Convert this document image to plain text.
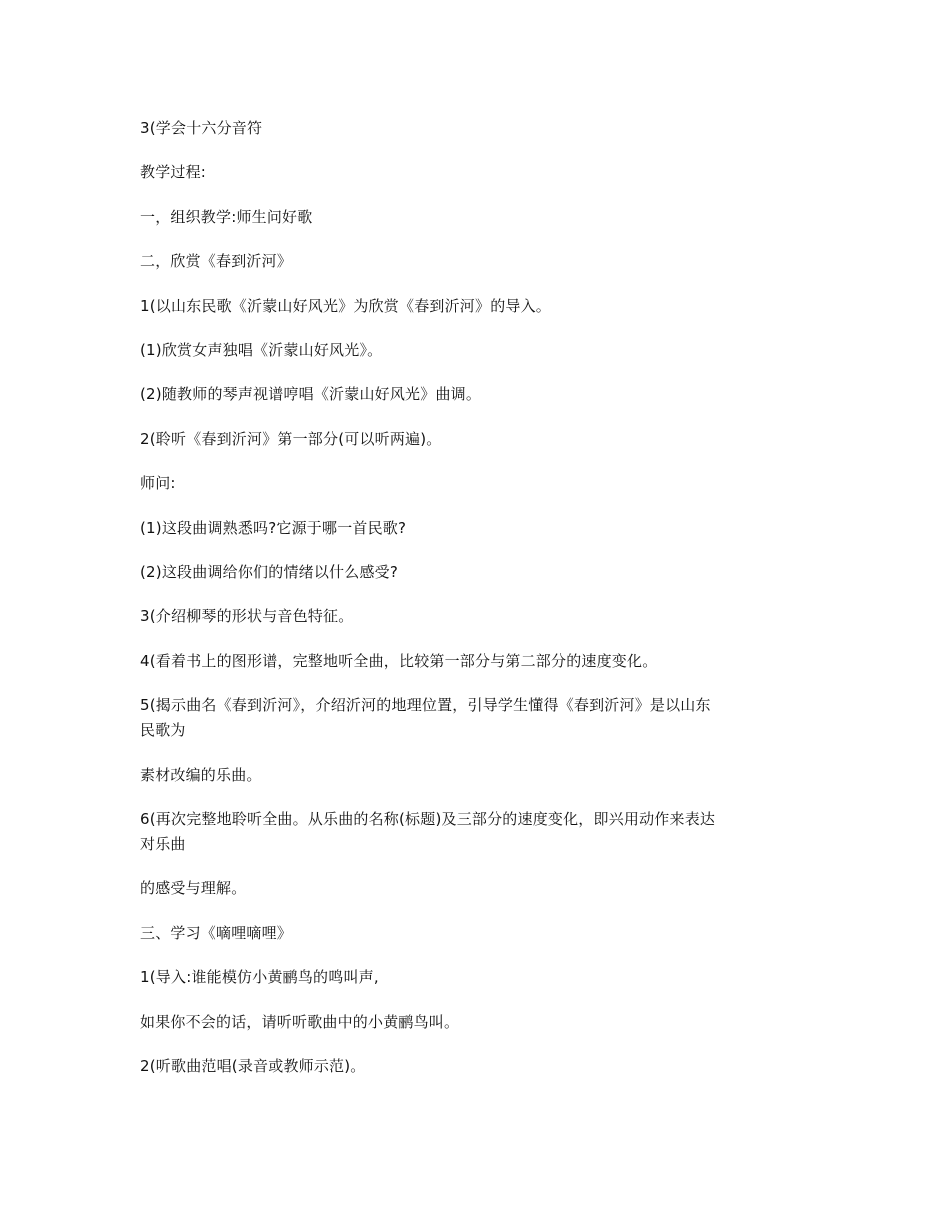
3(学会十六分音符
教学过程:
一，组织教学:师生问好歌
二，欣赏《春到沂河》
1(以山东民歌《沂蒙山好风光》为欣赏《春到沂河》的导入。
(1)欣赏女声独唱《沂蒙山好风光》。
(2)随教师的琴声视谱哼唱《沂蒙山好风光》曲调。
2(聆听《春到沂河》第一部分(可以听两遍)。
师问:
(1)这段曲调熟悉吗?它源于哪一首民歌?
(2)这段曲调给你们的情绪以什么感受?
3(介绍柳琴的形状与音色特征。
4(看着书上的图形谱，完整地听全曲，比较第一部分与第二部分的速度变化。
5(揭示曲名《春到沂河》，介绍沂河的地理位置，引导学生懂得《春到沂河》是以山东
民歌为
素材改编的乐曲。
6(再次完整地聆听全曲。从乐曲的名称(标题)及三部分的速度变化，即兴用动作来表达
对乐曲
的感受与理解。
三、学习《嘀哩嘀哩》
1(导入:谁能模仿小黄鹂鸟的鸣叫声,
如果你不会的话，请听听歌曲中的小黄鹂鸟叫。
2(听歌曲范唱(录音或教师示范)。
